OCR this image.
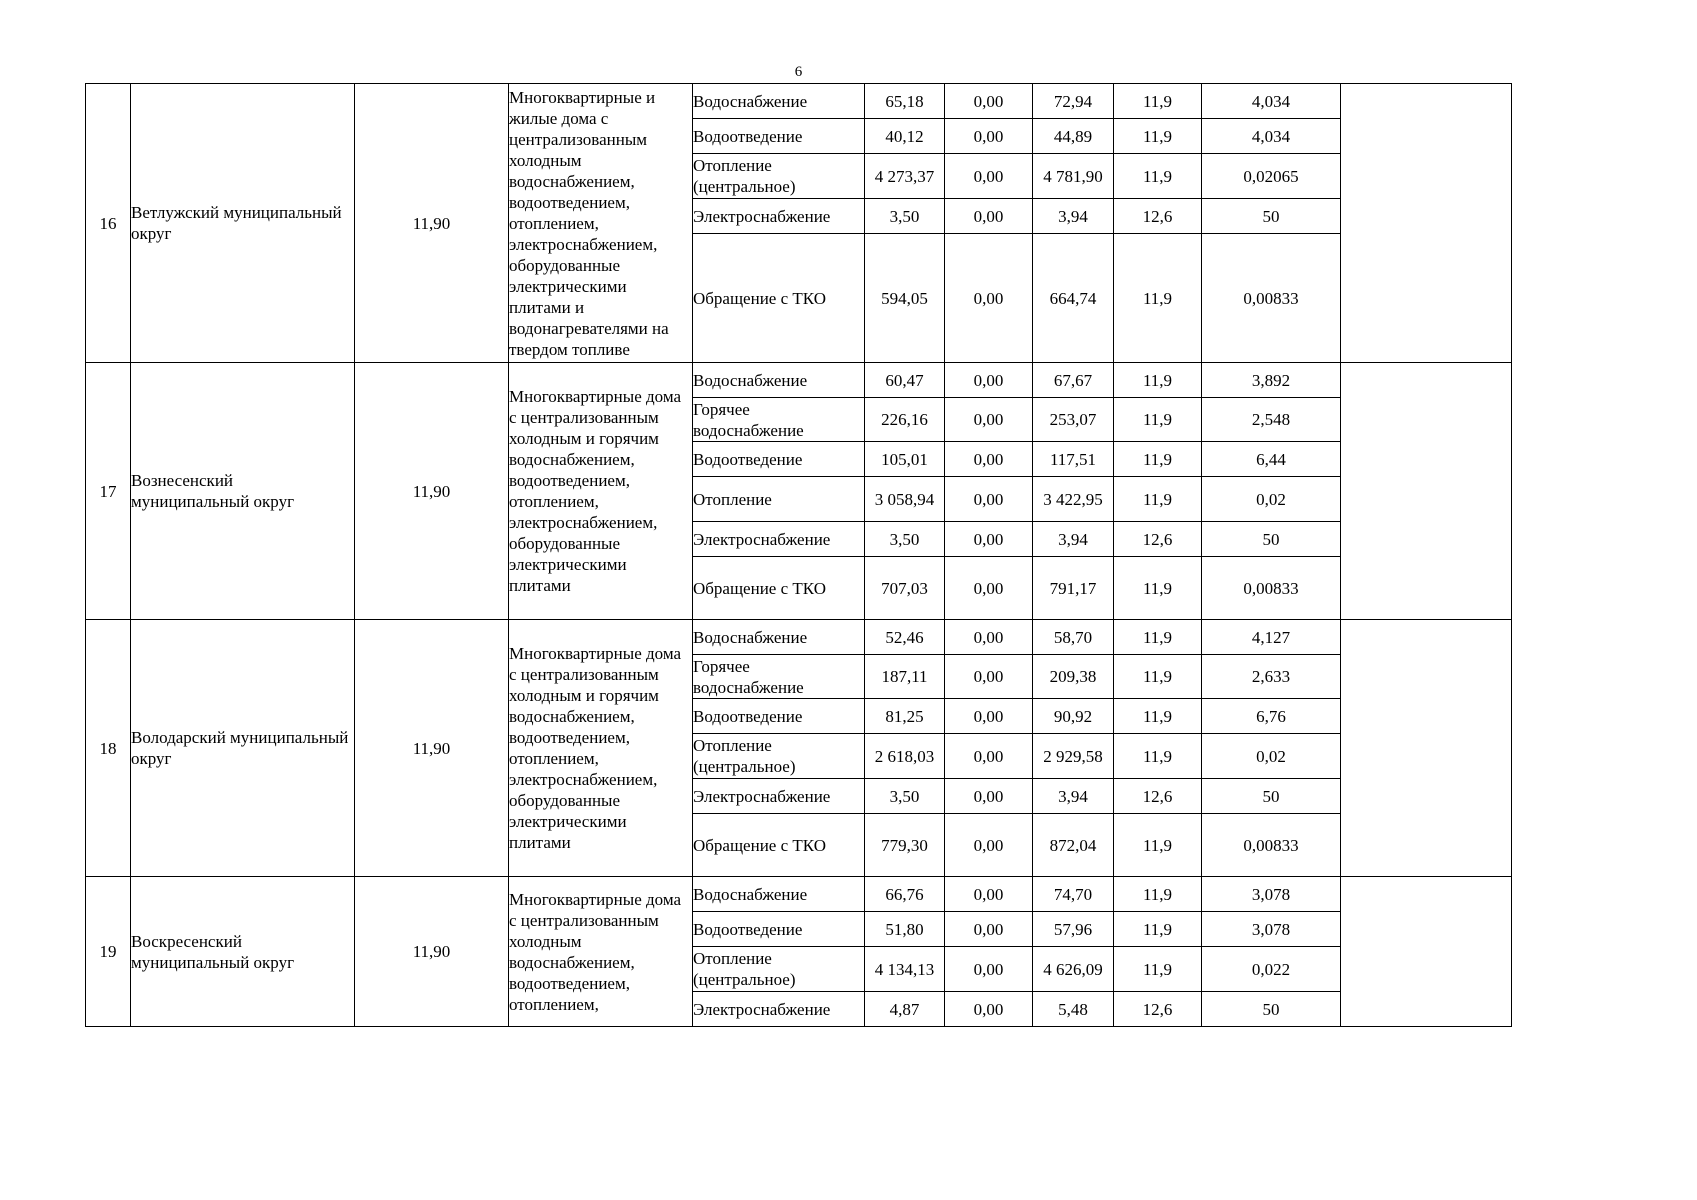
6
16	Ветлужский муниципальный округ	11,90	Многоквартирные и жилые дома с централизованным холодным водоснабжением, водоотведением, отоплением, электроснабжением, оборудованные электрическими плитами и водонагревателями на твердом топливе	Водоснабжение	65,18	0,00	72,94	11,9	4,034	
				Водоотведение	40,12	0,00	44,89	11,9	4,034	
				Отопление (центральное)	4 273,37	0,00	4 781,90	11,9	0,02065	
				Электроснабжение	3,50	0,00	3,94	12,6	50	
				Обращение с ТКО	594,05	0,00	664,74	11,9	0,00833	
17	Вознесенский муниципальный округ	11,90	Многоквартирные дома с централизованным холодным и горячим водоснабжением, водоотведением, отоплением, электроснабжением, оборудованные электрическими плитами	Водоснабжение	60,47	0,00	67,67	11,9	3,892	
				Горячее водоснабжение	226,16	0,00	253,07	11,9	2,548	
				Водоотведение	105,01	0,00	117,51	11,9	6,44	
				Отопление	3 058,94	0,00	3 422,95	11,9	0,02	
				Электроснабжение	3,50	0,00	3,94	12,6	50	
				Обращение с ТКО	707,03	0,00	791,17	11,9	0,00833	
18	Володарский муниципальный округ	11,90	Многоквартирные дома с централизованным холодным и горячим водоснабжением, водоотведением, отоплением, электроснабжением, оборудованные электрическими плитами	Водоснабжение	52,46	0,00	58,70	11,9	4,127	
				Горячее водоснабжение	187,11	0,00	209,38	11,9	2,633	
				Водоотведение	81,25	0,00	90,92	11,9	6,76	
				Отопление (центральное)	2 618,03	0,00	2 929,58	11,9	0,02	
				Электроснабжение	3,50	0,00	3,94	12,6	50	
				Обращение с ТКО	779,30	0,00	872,04	11,9	0,00833	
19	Воскресенский муниципальный округ	11,90	Многоквартирные дома с централизованным холодным водоснабжением, водоотведением, отоплением,	Водоснабжение	66,76	0,00	74,70	11,9	3,078	
				Водоотведение	51,80	0,00	57,96	11,9	3,078	
				Отопление (центральное)	4 134,13	0,00	4 626,09	11,9	0,022	
				Электроснабжение	4,87	0,00	5,48	12,6	50	
